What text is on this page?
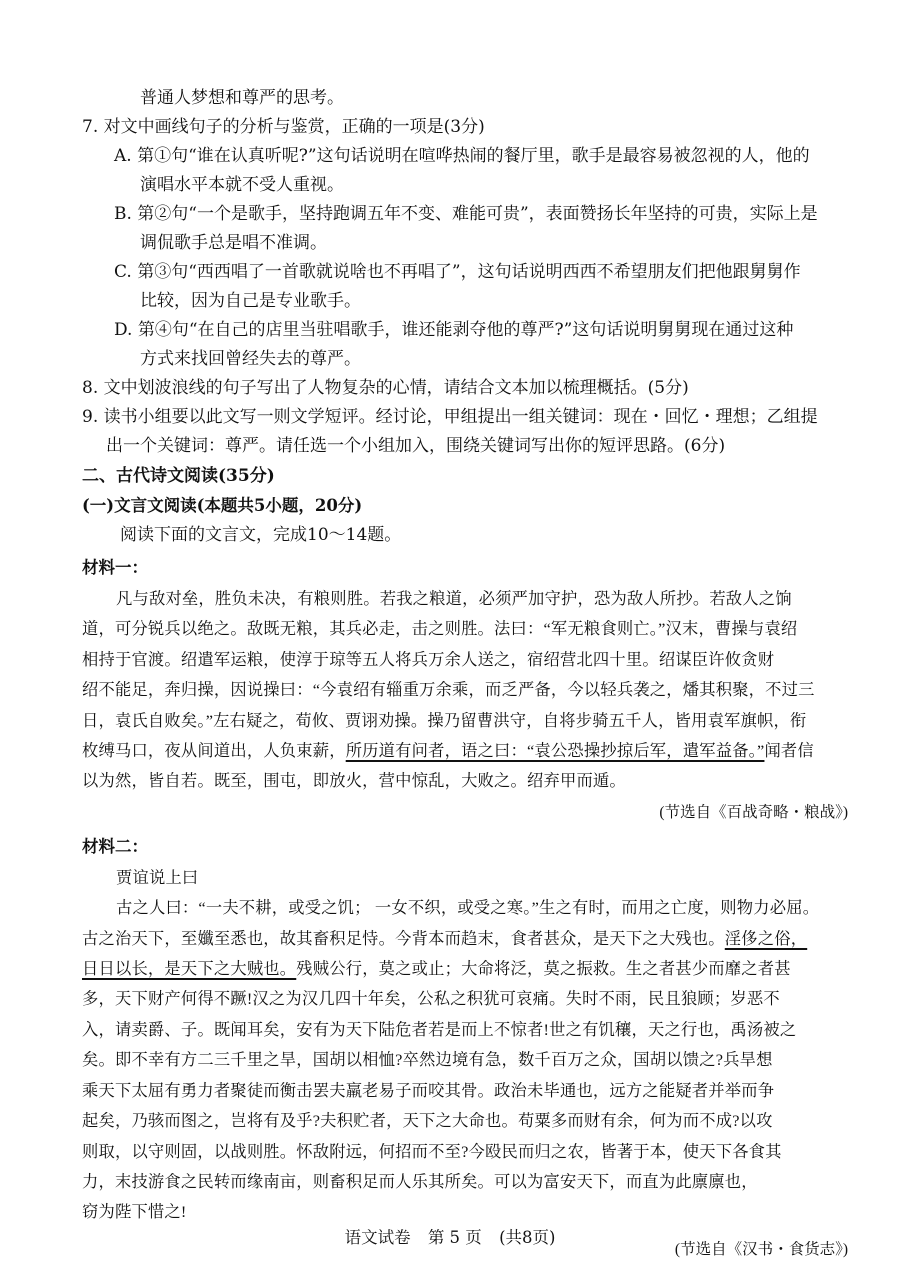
普通人梦想和尊严的思考。
7. 对文中画线句子的分析与鉴赏，正确的一项是(3分)
A. 第①句“谁在认真听呢?”这句话说明在喧哗热闹的餐厅里，歌手是最容易被忽视的人，他的
演唱水平本就不受人重视。
B. 第②句“一个是歌手，坚持跑调五年不变、难能可贵”，表面赞扬长年坚持的可贵，实际上是
调侃歌手总是唱不准调。
C. 第③句“西西唱了一首歌就说啥也不再唱了”，这句话说明西西不希望朋友们把他跟舅舅作
比较，因为自己是专业歌手。
D. 第④句“在自己的店里当驻唱歌手，谁还能剥夺他的尊严?”这句话说明舅舅现在通过这种
方式来找回曾经失去的尊严。
8. 文中划波浪线的句子写出了人物复杂的心情，请结合文本加以梳理概括。(5分)
9. 读书小组要以此文写一则文学短评。经讨论，甲组提出一组关键词：现在・回忆・理想；乙组提
出一个关键词：尊严。请任选一个小组加入，围绕关键词写出你的短评思路。(6分)
二、古代诗文阅读(35分)
(一)文言文阅读(本题共5小题，20分)
阅读下面的文言文，完成10～14题。
材料一：
凡与敌对垒，胜负未决，有粮则胜。若我之粮道，必须严加守护，恐为敌人所抄。若敌人之饷
道，可分锐兵以绝之。敌既无粮，其兵必走，击之则胜。法曰：“军无粮食则亡。”汉末，曹操与袁绍
相持于官渡。绍遣军运粮，使淳于琼等五人将兵万余人送之，宿绍营北四十里。绍谋臣许攸贪财
绍不能足，奔归操，因说操曰：“今袁绍有辎重万余乘，而乏严备，今以轻兵袭之，燔其积聚，不过三
日，袁氏自败矣。”左右疑之，荀攸、贾诩劝操。操乃留曹洪守，自将步骑五千人，皆用袁军旗帜，衔
枚缚马口，夜从间道出，人负束薪，所历道有问者，语之曰：“袁公恐操抄掠后军，遣军益备。”闻者信
以为然，皆自若。既至，围屯，即放火，营中惊乱，大败之。绍弃甲而遁。
(节选自《百战奇略・粮战》)
材料二：
贾谊说上曰
古之人曰：“一夫不耕，或受之饥； 一女不织，或受之寒。”生之有时，而用之亡度，则物力必屈。
古之治天下，至孅至悉也，故其畜积足恃。今背本而趋末，食者甚众，是天下之大残也。淫侈之俗，
日日以长，是天下之大贼也。残贼公行，莫之或止；大命将泛，莫之振救。生之者甚少而靡之者甚
多，天下财产何得不蹶!汉之为汉几四十年矣，公私之积犹可哀痛。失时不雨，民且狼顾；岁恶不
入，请卖爵、子。既闻耳矣，安有为天下陆危者若是而上不惊者!世之有饥穰，天之行也，禹汤被之
矣。即不幸有方二三千里之旱，国胡以相恤?卒然边境有急，数千百万之众，国胡以馈之?兵旱想
乘天下太屈有勇力者聚徒而衡击罢夫羸老易子而咬其骨。政治未毕通也，远方之能疑者并举而争
起矣，乃骇而图之，岂将有及乎?夫积贮者，天下之大命也。苟粟多而财有余，何为而不成?以攻
则取，以守则固，以战则胜。怀敌附远，何招而不至?今殴民而归之农，皆著于本，使天下各食其
力，末技游食之民转而缘南亩，则畜积足而人乐其所矣。可以为富安天下，而直为此廪廪也，
窃为陛下惜之!
(节选自《汉书・食货志》)
语文试卷 第 5 页 (共8页)
